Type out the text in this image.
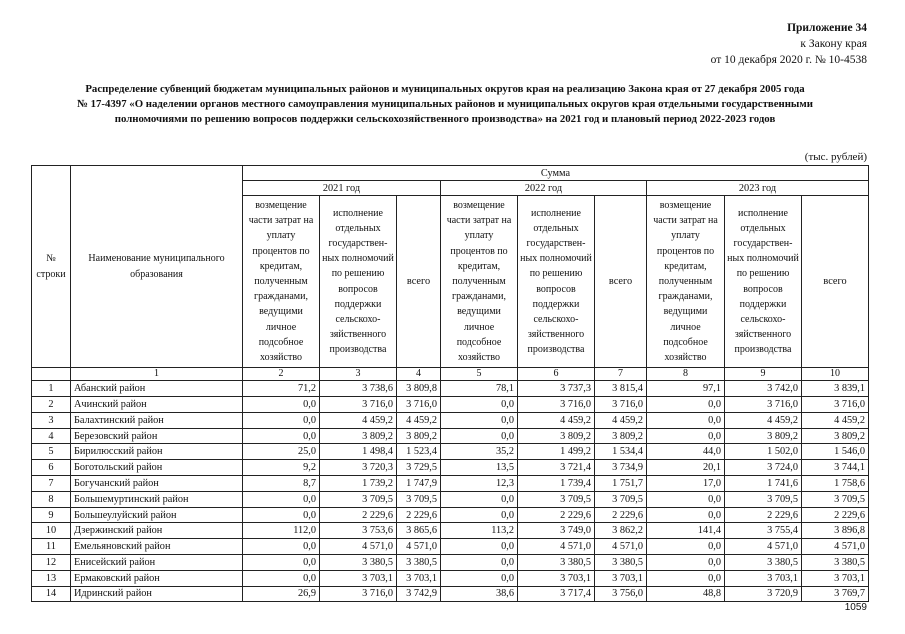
Приложение 34
к Закону края
от 10 декабря 2020 г. № 10-4538
Распределение субвенций бюджетам муниципальных районов и муниципальных округов края на реализацию Закона края от 27 декабря 2005 года
№ 17-4397 «О наделении органов местного самоуправления муниципальных районов и муниципальных округов края отдельными государственными
полномочиями по решению вопросов поддержки сельскохозяйственного производства» на 2021 год и плановый период 2022-2023 годов
(тыс. рублей)
№ строки	Наименование муниципального образования	Сумма								
		2021 год			2022 год			2023 год		
		возмещение части затрат на уплату процентов по кредитам, полученным гражданами, ведущими личное подсобное хозяйство	исполнение отдельных государствен-ных полномочий по решению вопросов поддержки сельскохо-зяйственного производства	всего	возмещение части затрат на уплату процентов по кредитам, полученным гражданами, ведущими личное подсобное хозяйство	исполнение отдельных государствен-ных полномочий по решению вопросов поддержки сельскохо-зяйственного производства	всего	возмещение части затрат на уплату процентов по кредитам, полученным гражданами, ведущими личное подсобное хозяйство	исполнение отдельных государствен-ных полномочий по решению вопросов поддержки сельскохо-зяйственного производства	всего
	1	2	3	4	5	6	7	8	9	10
1	Абанский район	71,2	3 738,6	3 809,8	78,1	3 737,3	3 815,4	97,1	3 742,0	3 839,1
2	Ачинский район	0,0	3 716,0	3 716,0	0,0	3 716,0	3 716,0	0,0	3 716,0	3 716,0
3	Балахтинский район	0,0	4 459,2	4 459,2	0,0	4 459,2	4 459,2	0,0	4 459,2	4 459,2
4	Березовский район	0,0	3 809,2	3 809,2	0,0	3 809,2	3 809,2	0,0	3 809,2	3 809,2
5	Бирилюсский район	25,0	1 498,4	1 523,4	35,2	1 499,2	1 534,4	44,0	1 502,0	1 546,0
6	Боготольский район	9,2	3 720,3	3 729,5	13,5	3 721,4	3 734,9	20,1	3 724,0	3 744,1
7	Богучанский район	8,7	1 739,2	1 747,9	12,3	1 739,4	1 751,7	17,0	1 741,6	1 758,6
8	Большемуртинский район	0,0	3 709,5	3 709,5	0,0	3 709,5	3 709,5	0,0	3 709,5	3 709,5
9	Большеулуйский район	0,0	2 229,6	2 229,6	0,0	2 229,6	2 229,6	0,0	2 229,6	2 229,6
10	Дзержинский район	112,0	3 753,6	3 865,6	113,2	3 749,0	3 862,2	141,4	3 755,4	3 896,8
11	Емельяновский район	0,0	4 571,0	4 571,0	0,0	4 571,0	4 571,0	0,0	4 571,0	4 571,0
12	Енисейский район	0,0	3 380,5	3 380,5	0,0	3 380,5	3 380,5	0,0	3 380,5	3 380,5
13	Ермаковский район	0,0	3 703,1	3 703,1	0,0	3 703,1	3 703,1	0,0	3 703,1	3 703,1
14	Идринский район	26,9	3 716,0	3 742,9	38,6	3 717,4	3 756,0	48,8	3 720,9	3 769,7
1059
